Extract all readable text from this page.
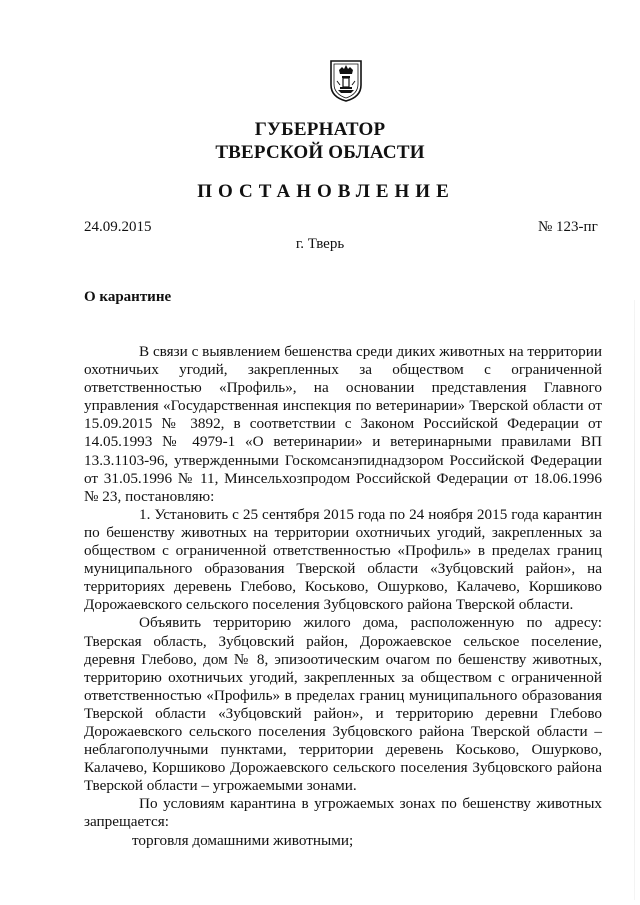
ГУБЕРНАТОР
ТВЕРСКОЙ ОБЛАСТИ
ПОСТАНОВЛЕНИЕ
24.09.2015	№ 123-пг
г. Тверь
О карантине

В связи с выявлением бешенства среди диких животных на территории охотничьих угодий, закрепленных за обществом с ограниченной ответственностью «Профиль», на основании представления Главного управления «Государственная инспекция по ветеринарии» Тверской области от 15.09.2015 № 3892, в соответствии с Законом Российской Федерации от 14.05.1993 № 4979-1 «О ветеринарии» и ветеринарными правилами ВП 13.3.1103-96, утвержденными Госкомсанэпиднадзором Российской Федерации от 31.05.1996 № 11, Минсельхозпродом Российской Федерации от 18.06.1996 № 23, постановляю:

1. Установить с 25 сентября 2015 года по 24 ноября 2015 года карантин по бешенству животных на территории охотничьих угодий, закрепленных за обществом с ограниченной ответственностью «Профиль» в пределах границ муниципального образования Тверской области «Зубцовский район», на территориях деревень Глебово, Коськово, Ошурково, Калачево, Коршиково Дорожаевского сельского поселения Зубцовского района Тверской области.

Объявить территорию жилого дома, расположенную по адресу: Тверская область, Зубцовский район, Дорожаевское сельское поселение, деревня Глебово, дом № 8, эпизоотическим очагом по бешенству животных, территорию охотничьих угодий, закрепленных за обществом с ограниченной ответственностью «Профиль» в пределах границ муниципального образования Тверской области «Зубцовский район», и территорию деревни Глебово Дорожаевского сельского поселения Зубцовского района Тверской области – неблагополучными пунктами, территории деревень Коськово, Ошурково, Калачево, Коршиково Дорожаевского сельского поселения Зубцовского района Тверской области – угрожаемыми зонами.

По условиям карантина в угрожаемых зонах по бешенству животных запрещается:

торговля домашними животными;
